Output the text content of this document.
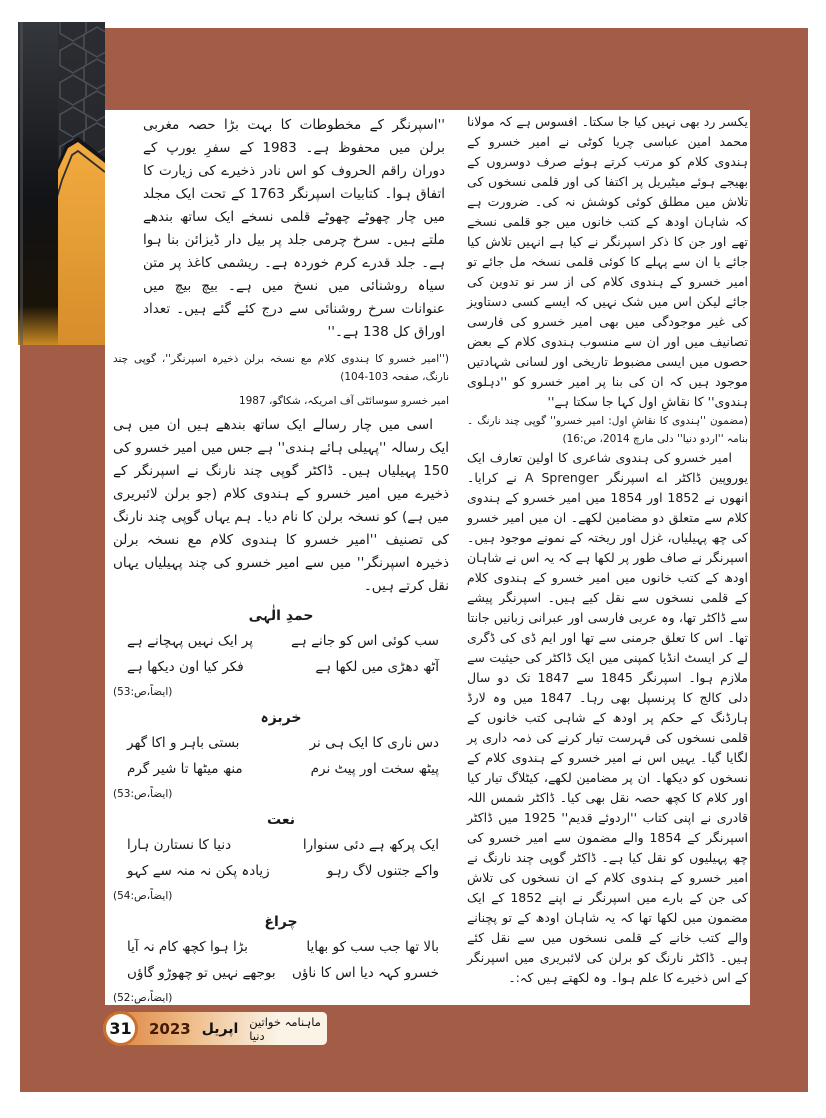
یکسر رد بھی نہیں کیا جا سکتا۔ افسوس ہے کہ مولانا محمد امین عباسی چریا کوٹی نے امیر خسرو کے ہندوی کلام کو مرتب کرتے ہوئے صرف دوسروں کے بھیجے ہوئے میٹیریل پر اکتفا کی اور قلمی نسخوں کی تلاش میں مطلق کوئی کوشش نہ کی۔ ضرورت ہے کہ شاہان اودھ کے کتب خانوں میں جو قلمی نسخے تھے اور جن کا ذکر اسپرنگر نے کیا ہے انہیں تلاش کیا جائے یا ان سے پہلے کا کوئی قلمی نسخہ مل جائے تو امیر خسرو کے ہندوی کلام کی از سر نو تدوین کی جائے لیکن اس میں شک نہیں کہ ایسے کسی دستاویز کی غیر موجودگی میں بھی امیر خسرو کی فارسی تصانیف میں اور ان سے منسوب ہندوی کلام کے بعض حصوں میں ایسی مضبوط تاریخی اور لسانی شہادتیں موجود ہیں کہ ان کی بنا پر امیر خسرو کو ''دہلوی ہندوی'' کا نقاشِ اول کہا جا سکتا ہے''

(مضمون ''ہندوی کا نقاشِ اول: امیر خسرو'' گوپی چند نارنگ ۔ بنامہ ''اردو دنیا'' دلی مارچ 2014، ص:16)

امیر خسرو کی ہندوی شاعری کا اولین تعارف ایک یوروپین ڈاکٹر اے اسپرنگر A Sprenger نے کرایا۔ انھوں نے 1852 اور 1854 میں امیر خسرو کے ہندوی کلام سے متعلق دو مضامین لکھے۔ ان میں امیر خسرو کی چھ پہیلیاں، غزل اور ریختہ کے نمونے موجود ہیں۔ اسپرنگر نے صاف طور پر لکھا ہے کہ یہ اس نے شاہان اودھ کے کتب خانوں میں امیر خسرو کے ہندوی کلام کے قلمی نسخوں سے نقل کیے ہیں۔ اسپرنگر پیشے سے ڈاکٹر تھا، وہ عربی فارسی اور عبرانی زبانیں جانتا تھا۔ اس کا تعلق جرمنی سے تھا اور ایم ڈی کی ڈگری لے کر ایسٹ انڈیا کمپنی میں ایک ڈاکٹر کی حیثیت سے ملازم ہوا۔ اسپرنگر 1845 سے 1847 تک دو سال دلی کالج کا پرنسپل بھی رہا۔ 1847 میں وہ لارڈ ہارڈنگ کے حکم پر اودھ کے شاہی کتب خانوں کے قلمی نسخوں کی فہرست تیار کرنے کی ذمہ داری پر لگایا گیا۔ یہیں اس نے امیر خسرو کے ہندوی کلام کے نسخوں کو دیکھا۔ ان پر مضامین لکھے، کیٹلاگ تیار کیا اور کلام کا کچھ حصہ نقل بھی کیا۔ ڈاکٹر شمس اللہ قادری نے اپنی کتاب ''اردوئے قدیم'' 1925 میں ڈاکٹر اسپرنگر کے 1854 والے مضمون سے امیر خسرو کی چھ پہیلیوں کو نقل کیا ہے۔ ڈاکٹر گوپی چند نارنگ نے امیر خسرو کے ہندوی کلام کے ان نسخوں کی تلاش کی جن کے بارے میں اسپرنگر نے اپنے 1852 کے ایک مضمون میں لکھا تھا کہ یہ شاہان اودھ کے تو پچنانے والے کتب خانے کے قلمی نسخوں میں سے نقل کئے ہیں۔ ڈاکٹر نارنگ کو برلن کی لائبریری میں اسپرنگر کے اس ذخیرے کا علم ہوا۔ وہ لکھتے ہیں کہ:۔

''اسپرنگر کے مخطوطات کا بہت بڑا حصہ مغربی برلن میں محفوظ ہے۔ 1983 کے سفرِ یورپ کے دوران راقم الحروف کو اس نادر ذخیرے کی زیارت کا اتفاق ہوا۔ کتابیات اسپرنگر 1763 کے تحت ایک مجلد میں چار چھوٹے چھوٹے قلمی نسخے ایک ساتھ بندھے ملتے ہیں۔ سرخ چرمی جلد پر بیل دار ڈیزائن بنا ہوا ہے۔ جلد قدرے کرم خوردہ ہے۔ ریشمی کاغذ پر متن سیاہ روشنائی میں نسخ میں ہے۔ بیچ بیچ میں عنوانات سرخ روشنائی سے درج کئے گئے ہیں۔ تعداد اوراق کل 138 ہے۔''

(''امیر خسرو کا ہندوی کلام مع نسخہ برلن ذخیرہ اسپرنگر''، گوپی چند نارنگ، صفحہ 103-104)

امیر خسرو سوسائٹی آف امریکہ، شکاگو، 1987

اسی میں چار رسالے ایک ساتھ بندھے ہیں ان میں ہی ایک رسالہ ''پہیلی ہائے ہندی'' ہے جس میں امیر خسرو کی 150 پہیلیاں ہیں۔ ڈاکٹر گوپی چند نارنگ نے اسپرنگر کے ذخیرے میں امیر خسرو کے ہندوی کلام (جو برلن لائبریری میں ہے) کو نسخہ برلن کا نام دیا۔ ہم یہاں گوپی چند نارنگ کی تصنیف ''امیر خسرو کا ہندوی کلام مع نسخہ برلن ذخیرہ اسپرنگر'' میں سے امیر خسرو کی چند پہیلیاں یہاں نقل کرتے ہیں۔

حمدِ الٰہی
سب کوئی اس کو جانے ہے
پر ایک نہیں پہچانے ہے
آٹھ دھڑی میں لکھا ہے
فکر کیا اون دیکھا ہے
(ایضاً،ص:53)
خربزہ
دس ناری کا ایک ہی نر
بستی باہر و اکا گھر
پیٹھ سخت اور پیٹ نرم
منھ میٹھا تا شیر گرم
(ایضاً،ص:53)
نعت
ایک پرکھ ہے دئی سنوارا
دنیا کا نستارن ہارا
واکے جتنوں لاگ رہو
زیادہ پکن نہ منہ سے کہو
(ایضاً،ص:54)
چراغ
بالا تھا جب سب کو بھایا
بڑا ہوا کچھ کام نہ آیا
خسرو کہہ دیا اس کا ناؤں
بوجھے نہیں تو چھوڑو گاؤں
(ایضاً،ص:52)
31	2023 اپریل ماہنامہ خواتین دنیا
